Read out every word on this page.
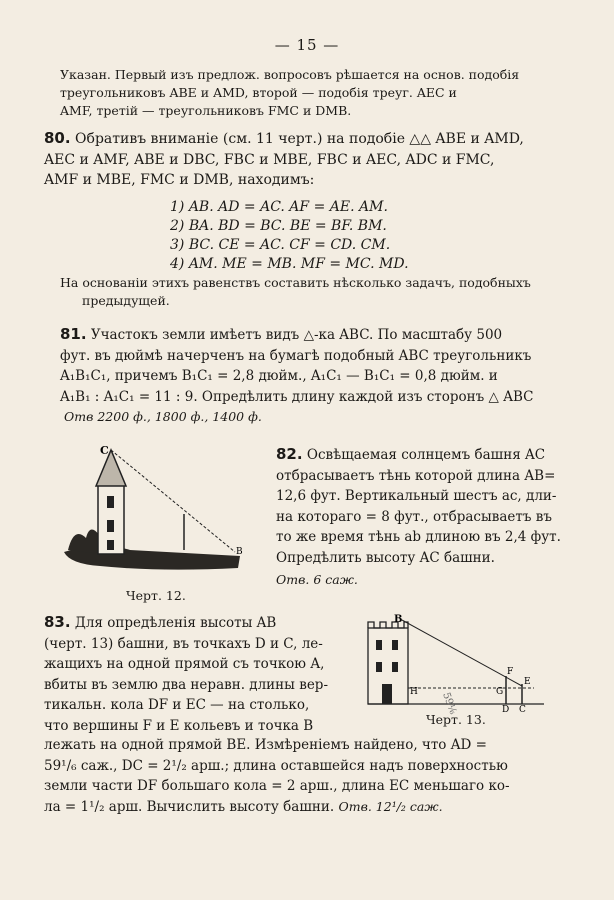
— 15 —
Указан. Первый изъ предлож. вопросовъ рѣшается на основ. подобія
треугольниковъ ABE и AMD, второй — подобія треуг. AEC и
AMF, третій — треугольниковъ FMC и DMB.
80. Обративъ вниманіе (см. 11 черт.) на подобіе △△ ABE и AMD,
AEC и AMF, ABE и DBC, FBC и MBE, FBC и AEC, ADC и FMC,
AMF и MBE, FMC и DMB, находимъ:
1) AB. AD = AC. AF = AE. AM.
2) BA. BD = BC. BE = BF. BM.
3) BC. CE = AC. CF = CD. CM.
4) AM. ME = MB. MF = MC. MD.
На основаніи этихъ равенствъ составить нѣсколько задачъ, подобныхъ
предыдущей.
81. Участокъ земли имѣетъ видъ △-ка ABC. По масштабу 500
фут. въ дюймѣ начерченъ на бумагѣ подобный ABC треугольникъ
A₁B₁C₁, причемъ B₁C₁ = 2,8 дюйм., A₁C₁ — B₁C₁ = 0,8 дюйм. и
A₁B₁ : A₁C₁ = 11 : 9. Опредѣлить длину каждой изъ сторонъ △ ABC
Отв 2200 ф., 1800 ф., 1400 ф.
C
B
Черт. 12.
82. Освѣщаемая солнцемъ башня AC
отбрасываетъ тѣнь которой длина AB=
12,6 фут. Вертикальный шестъ ac, дли-
на котораго = 8 фут., отбрасываетъ въ
то же время тѣнь ab длиною въ 2,4 фут.
Опредѣлить высоту AC башни.
Отв. 6 саж.
83. Для опредѣленія высоты AB
(черт. 13) башни, въ точкахъ D и C, ле-
жащихъ на одной прямой съ точкою A,
вбиты въ землю два неравн. длины вер-
тикальн. кола DF и EC — на столько,
что вершины F и E кольевъ и точка B
лежать на одной прямой BE. Измѣреніемъ найдено, что AD =
59¹/₆ саж., DC = 2¹/₂ арш.; длина оставшейся надъ поверхностью
земли части DF большаго кола = 2 арш., длина EC меньшаго ко-
ла = 1¹/₂ арш. Вычислить высоту башни. Отв. 12¹/₂ саж.
B
H
F
E
G
D C
59⅙
Черт. 13.
